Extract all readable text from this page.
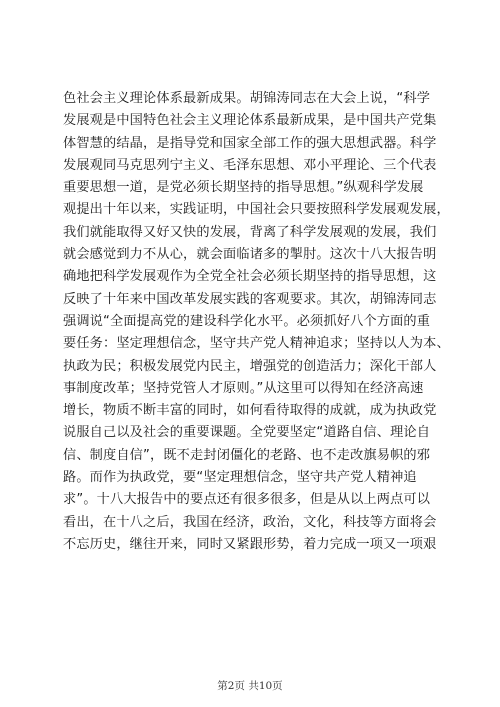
色社会主义理论体系最新成果。胡锦涛同志在大会上说，“科学
发展观是中国特色社会主义理论体系最新成果，是中国共产党集
体智慧的结晶，是指导党和国家全部工作的强大思想武器。科学
发展观同马克思列宁主义、毛泽东思想、邓小平理论、三个代表
重要思想一道，是党必须长期坚持的指导思想。”纵观科学发展
观提出十年以来，实践证明，中国社会只要按照科学发展观发展，
我们就能取得又好又快的发展，背离了科学发展观的发展，我们
就会感觉到力不从心，就会面临诸多的掣肘。这次十八大报告明
确地把科学发展观作为全党全社会必须长期坚持的指导思想，这
反映了十年来中国改革发展实践的客观要求。其次，胡锦涛同志
强调说“全面提高党的建设科学化水平。必须抓好八个方面的重
要任务：坚定理想信念，坚守共产党人精神追求；坚持以人为本、
执政为民；积极发展党内民主，增强党的创造活力；深化干部人
事制度改革；坚持党管人才原则。”从这里可以得知在经济高速
增长，物质不断丰富的同时，如何看待取得的成就，成为执政党
说服自己以及社会的重要课题。全党要坚定“道路自信、理论自
信、制度自信”，既不走封闭僵化的老路、也不走改旗易帜的邪
路。而作为执政党，要“坚定理想信念，坚守共产党人精神追
求”。十八大报告中的要点还有很多很多，但是从以上两点可以
看出，在十八之后，我国在经济，政治，文化，科技等方面将会
不忘历史，继往开来，同时又紧跟形势，着力完成一项又一项艰
第2页 共10页
